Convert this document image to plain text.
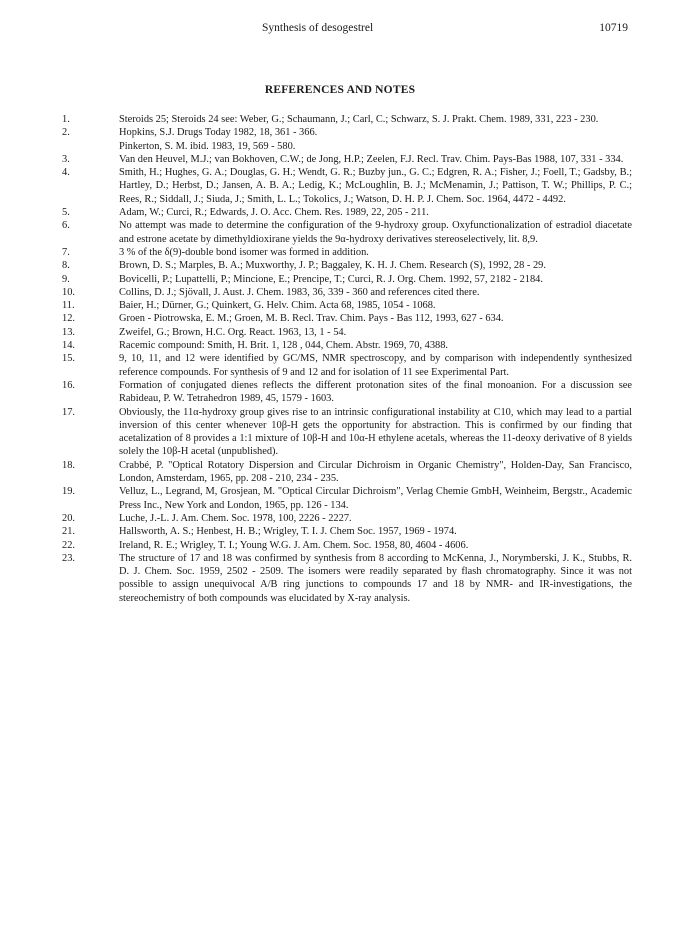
Synthesis of desogestrel	10719
REFERENCES AND NOTES
1.	Steroids 25; Steroids 24 see: Weber, G.; Schaumann, J.; Carl, C.; Schwarz, S. J. Prakt. Chem. 1989, 331, 223 - 230.
2.	Hopkins, S.J. Drugs Today 1982, 18, 361 - 366.
Pinkerton, S. M. ibid. 1983, 19, 569 - 580.
3.	Van den Heuvel, M.J.; van Bokhoven, C.W.; de Jong, H.P.; Zeelen, F.J. Recl. Trav. Chim. Pays-Bas 1988, 107, 331 - 334.
4.	Smith, H.; Hughes, G. A.; Douglas, G. H.; Wendt, G. R.; Buzby jun., G. C.; Edgren, R. A.; Fisher, J.; Foell, T.; Gadsby, B.; Hartley, D.; Herbst, D.; Jansen, A. B. A.; Ledig, K.; McLoughlin, B. J.; McMenamin, J.; Pattison, T. W.; Phillips, P. C.; Rees, R.; Siddall, J.; Siuda, J.; Smith, L. L.; Tokolics, J.; Watson, D. H. P. J. Chem. Soc. 1964, 4472 - 4492.
5.	Adam, W.; Curci, R.; Edwards, J. O. Acc. Chem. Res. 1989, 22, 205 - 211.
6.	No attempt was made to determine the configuration of the 9-hydroxy group. Oxyfunctionalization of estradiol diacetate and estrone acetate by dimethyldioxirane yields the 9α-hydroxy derivatives stereoselectively, lit. 8,9.
7.	3 % of the δ(9)-double bond isomer was formed in addition.
8.	Brown, D. S.; Marples, B. A.; Muxworthy, J. P.; Baggaley, K. H. J. Chem. Research (S), 1992, 28 - 29.
9.	Bovicelli, P.; Lupattelli, P.; Mincione, E.; Prencipe, T.; Curci, R. J. Org. Chem. 1992, 57, 2182 - 2184.
10.	Collins, D. J.; Sjövall, J. Aust. J. Chem. 1983, 36, 339 - 360 and references cited there.
11.	Baier, H.; Dürner, G.; Quinkert, G. Helv. Chim. Acta 68, 1985, 1054 - 1068.
12.	Groen - Piotrowska, E. M.; Groen, M. B. Recl. Trav. Chim. Pays - Bas 112, 1993, 627 - 634.
13.	Zweifel, G.; Brown, H.C. Org. React. 1963, 13, 1 - 54.
14.	Racemic compound: Smith, H. Brit. 1, 128 , 044, Chem. Abstr. 1969, 70, 4388.
15.	9, 10, 11, and 12 were identified by GC/MS, NMR spectroscopy, and by comparison with independently synthesized reference compounds. For synthesis of 9 and 12 and for isolation of 11 see Experimental Part.
16.	Formation of conjugated dienes reflects the different protonation sites of the final monoanion. For a discussion see Rabideau, P. W. Tetrahedron 1989, 45, 1579 - 1603.
17.	Obviously, the 11α-hydroxy group gives rise to an intrinsic configurational instability at C10, which may lead to a partial inversion of this center whenever 10β-H gets the opportunity for abstraction. This is confirmed by our finding that acetalization of 8 provides a 1:1 mixture of 10β-H and 10α-H ethylene acetals, whereas the 11-deoxy derivative of 8 yields solely the 10β-H acetal (unpublished).
18.	Crabbé, P. "Optical Rotatory Dispersion and Circular Dichroism in Organic Chemistry", Holden-Day, San Francisco, London, Amsterdam, 1965, pp. 208 - 210, 234 - 235.
19.	Velluz, L., Legrand, M, Grosjean, M. "Optical Circular Dichroism", Verlag Chemie GmbH, Weinheim, Bergstr., Academic Press Inc., New York and London, 1965, pp. 126 - 134.
20.	Luche, J.-L. J. Am. Chem. Soc. 1978, 100, 2226 - 2227.
21.	Hallsworth, A. S.; Henbest, H. B.; Wrigley, T. I. J. Chem Soc. 1957, 1969 - 1974.
22.	Ireland, R. E.; Wrigley, T. I.; Young W.G. J. Am. Chem. Soc. 1958, 80, 4604 - 4606.
23.	The structure of 17 and 18 was confirmed by synthesis from 8 according to McKenna, J., Norymberski, J. K., Stubbs, R. D. J. Chem. Soc. 1959, 2502 - 2509. The isomers were readily separated by flash chromatography. Since it was not possible to assign unequivocal A/B ring junctions to compounds 17 and 18 by NMR- and IR-investigations, the stereochemistry of both compounds was elucidated by X-ray analysis.
